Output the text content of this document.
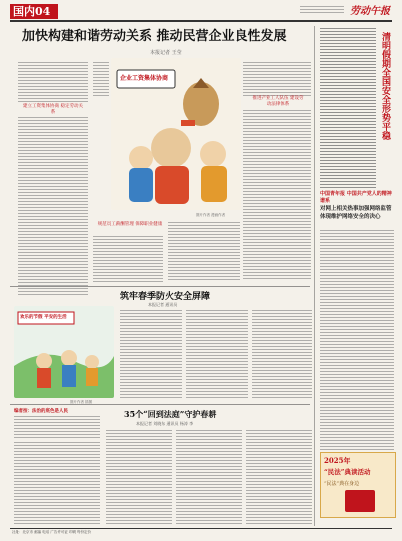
国内04	劳动午报
加快构建和谐劳动关系 推动民营企业良性发展
本报记者 王莹
建立工资集体协商 稳定劳动关系
企业工资集体协商
图片作者 漫画作者
推进产业工人队伍 建设劳动法律体系
规范员工薪酬管理 保障职业健康
清明假期全国安全形势平稳
中国青年报 中国共产党人的精神谱系
对网上相关热事加强网络监管 体现维护网络安全的决心
2025年
“民法”典读活动
“民法”典在身边
筑牢春季防火安全屏障
本报记者 通讯员
欢乐的节假 平安的生活
图片作者 插图
编者按：法治的底色是人民	35个“回到法庭”守护春耕
本报记者 刘晓东 通讯员 杨涛 李
社址：北京市 邮编 电话 广告许可证 印刷 每份定价
